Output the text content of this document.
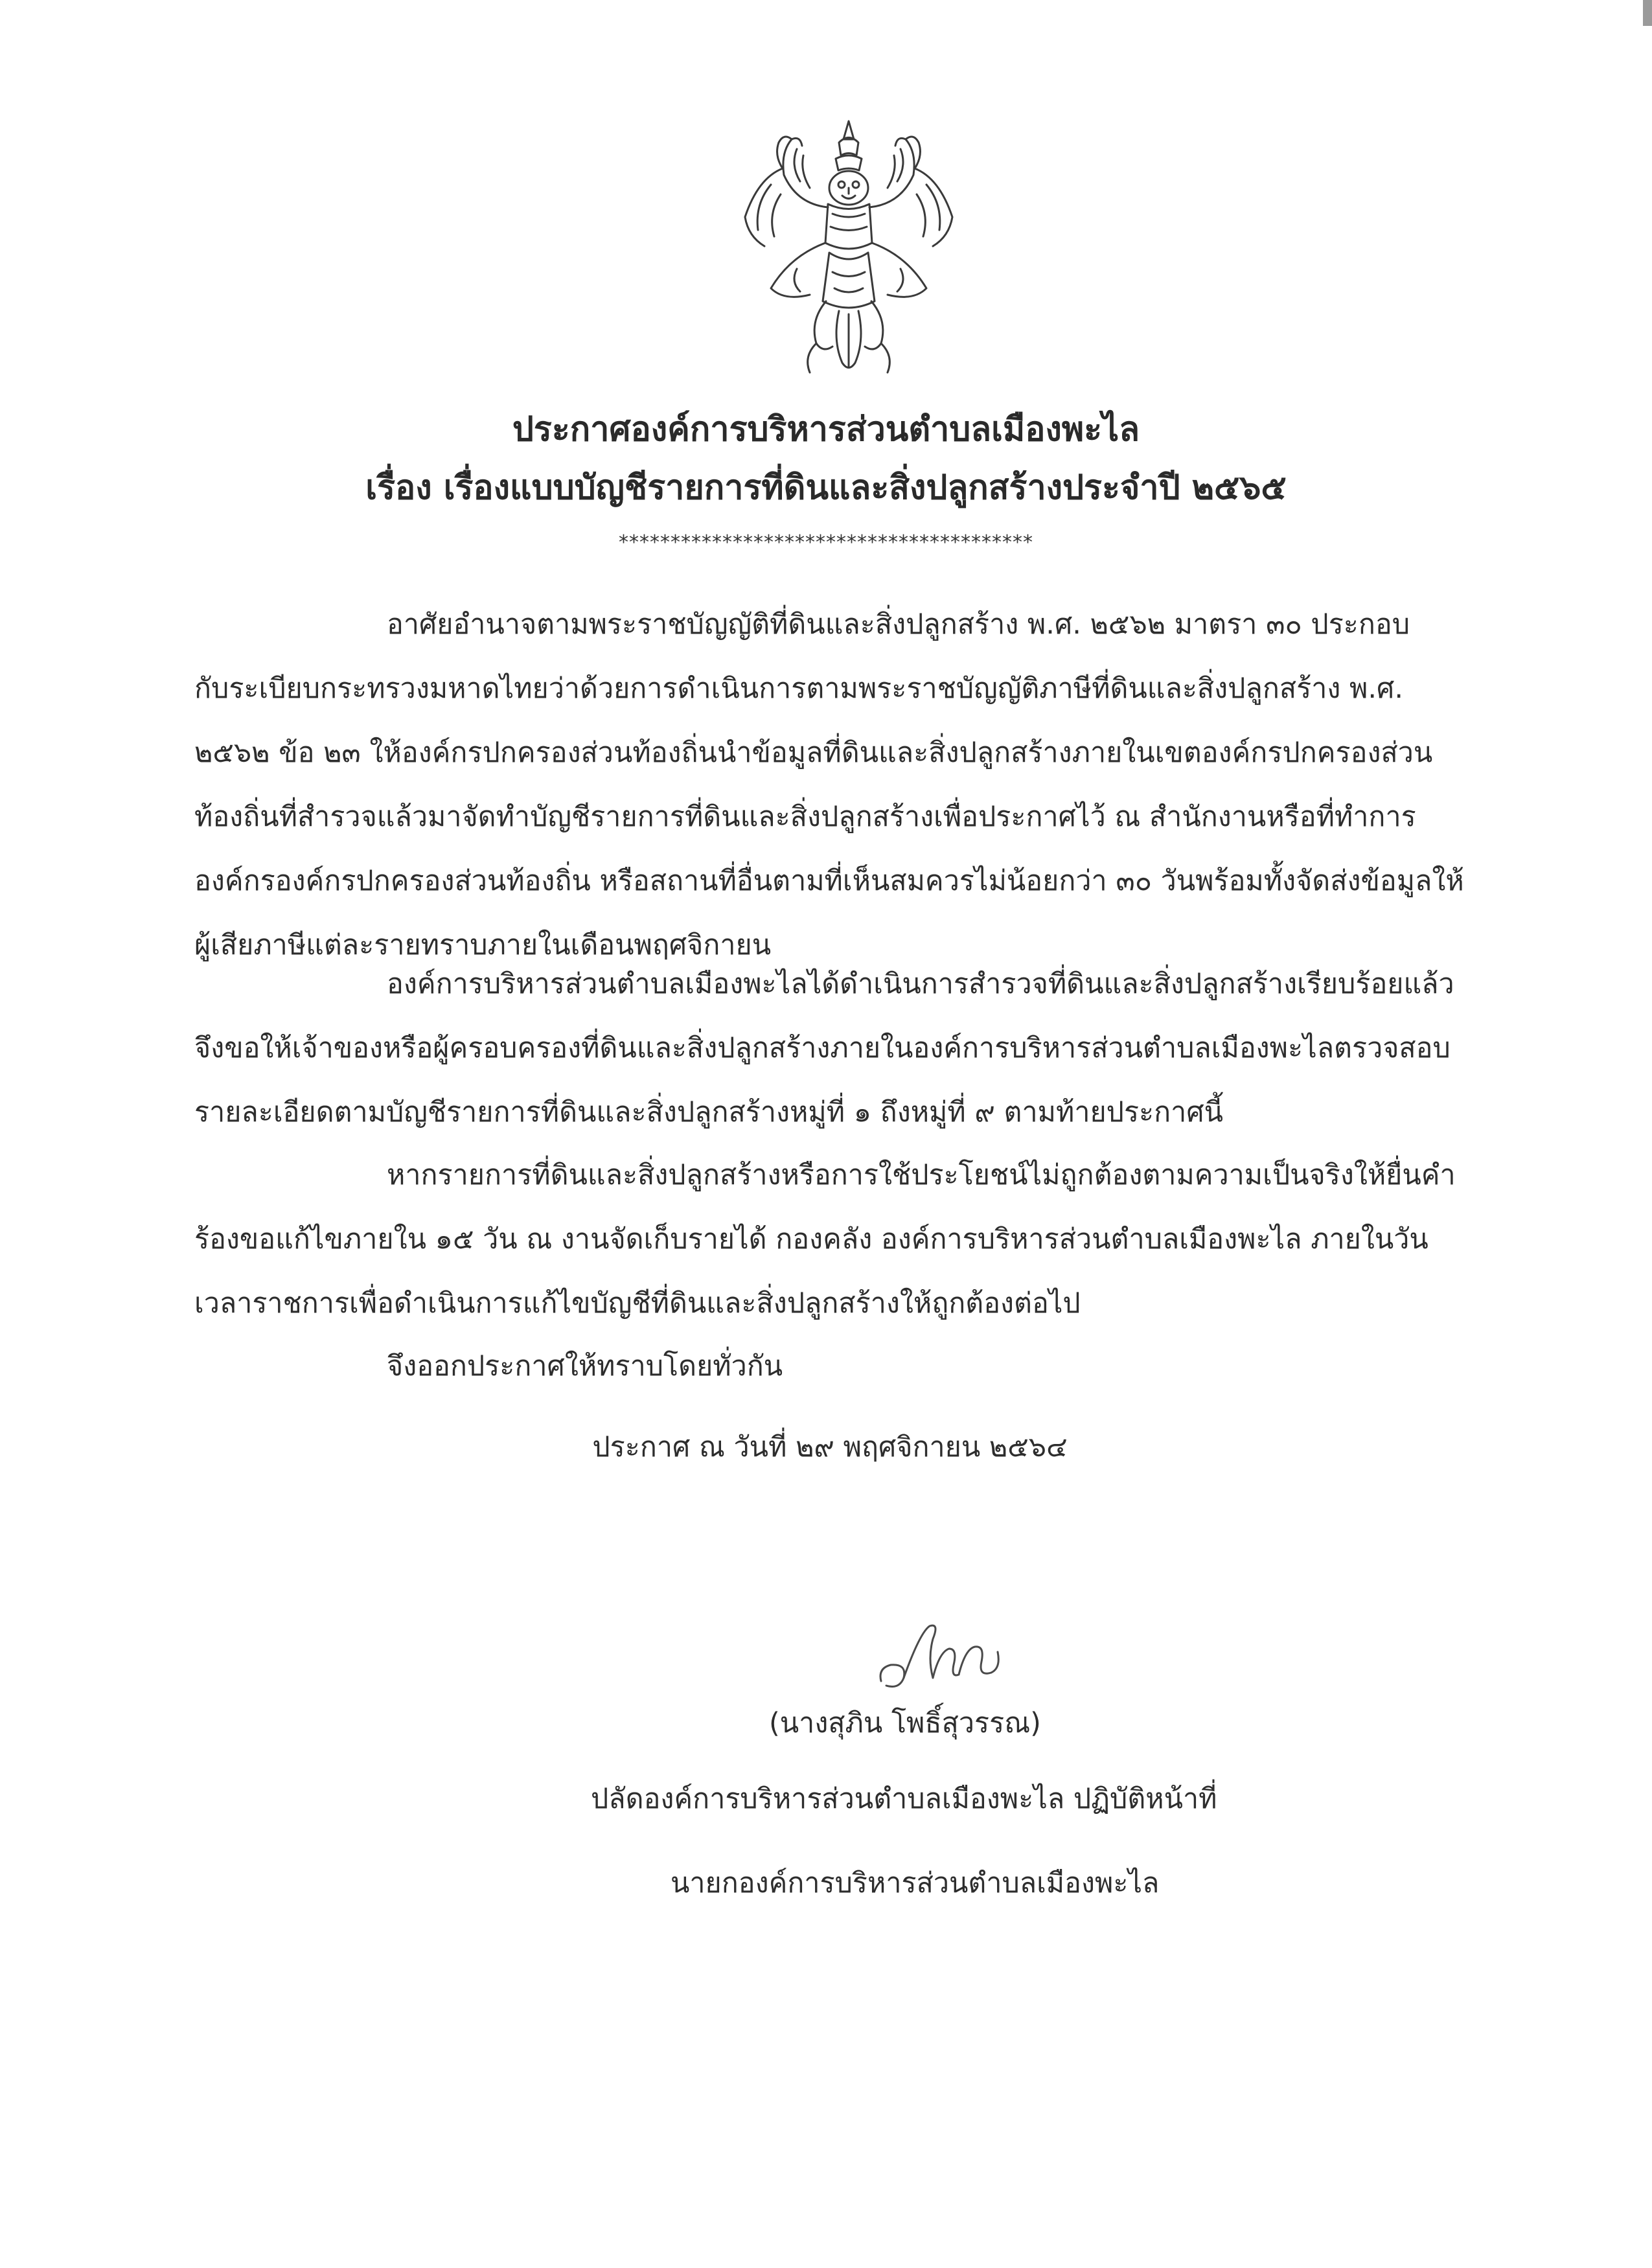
ประกาศองค์การบริหารส่วนตำบลเมืองพะไล
เรื่อง เรื่องแบบบัญชีรายการที่ดินและสิ่งปลูกสร้างประจำปี ๒๕๖๕
****************************************
อาศัยอำนาจตามพระราชบัญญัติที่ดินและสิ่งปลูกสร้าง พ.ศ. ๒๕๖๒ มาตรา ๓๐ ประกอบ
กับระเบียบกระทรวงมหาดไทยว่าด้วยการดำเนินการตามพระราชบัญญัติภาษีที่ดินและสิ่งปลูกสร้าง พ.ศ.
๒๕๖๒ ข้อ ๒๓ ให้องค์กรปกครองส่วนท้องถิ่นนำข้อมูลที่ดินและสิ่งปลูกสร้างภายในเขตองค์กรปกครองส่วน
ท้องถิ่นที่สำรวจแล้วมาจัดทำบัญชีรายการที่ดินและสิ่งปลูกสร้างเพื่อประกาศไว้ ณ สำนักงานหรือที่ทำการ
องค์กรองค์กรปกครองส่วนท้องถิ่น หรือสถานที่อื่นตามที่เห็นสมควรไม่น้อยกว่า ๓๐ วันพร้อมทั้งจัดส่งข้อมูลให้
ผู้เสียภาษีแต่ละรายทราบภายในเดือนพฤศจิกายน
องค์การบริหารส่วนตำบลเมืองพะไลได้ดำเนินการสำรวจที่ดินและสิ่งปลูกสร้างเรียบร้อยแล้ว
จึงขอให้เจ้าของหรือผู้ครอบครองที่ดินและสิ่งปลูกสร้างภายในองค์การบริหารส่วนตำบลเมืองพะไลตรวจสอบ
รายละเอียดตามบัญชีรายการที่ดินและสิ่งปลูกสร้างหมู่ที่ ๑ ถึงหมู่ที่ ๙ ตามท้ายประกาศนี้
หากรายการที่ดินและสิ่งปลูกสร้างหรือการใช้ประโยชน์ไม่ถูกต้องตามความเป็นจริงให้ยื่นคำ
ร้องขอแก้ไขภายใน ๑๕ วัน ณ งานจัดเก็บรายได้ กองคลัง องค์การบริหารส่วนตำบลเมืองพะไล ภายในวัน
เวลาราชการเพื่อดำเนินการแก้ไขบัญชีที่ดินและสิ่งปลูกสร้างให้ถูกต้องต่อไป
จึงออกประกาศให้ทราบโดยทั่วกัน
ประกาศ ณ วันที่ ๒๙ พฤศจิกายน ๒๕๖๔
(นางสุภิน โพธิ์สุวรรณ)
ปลัดองค์การบริหารส่วนตำบลเมืองพะไล ปฏิบัติหน้าที่
นายกองค์การบริหารส่วนตำบลเมืองพะไล
